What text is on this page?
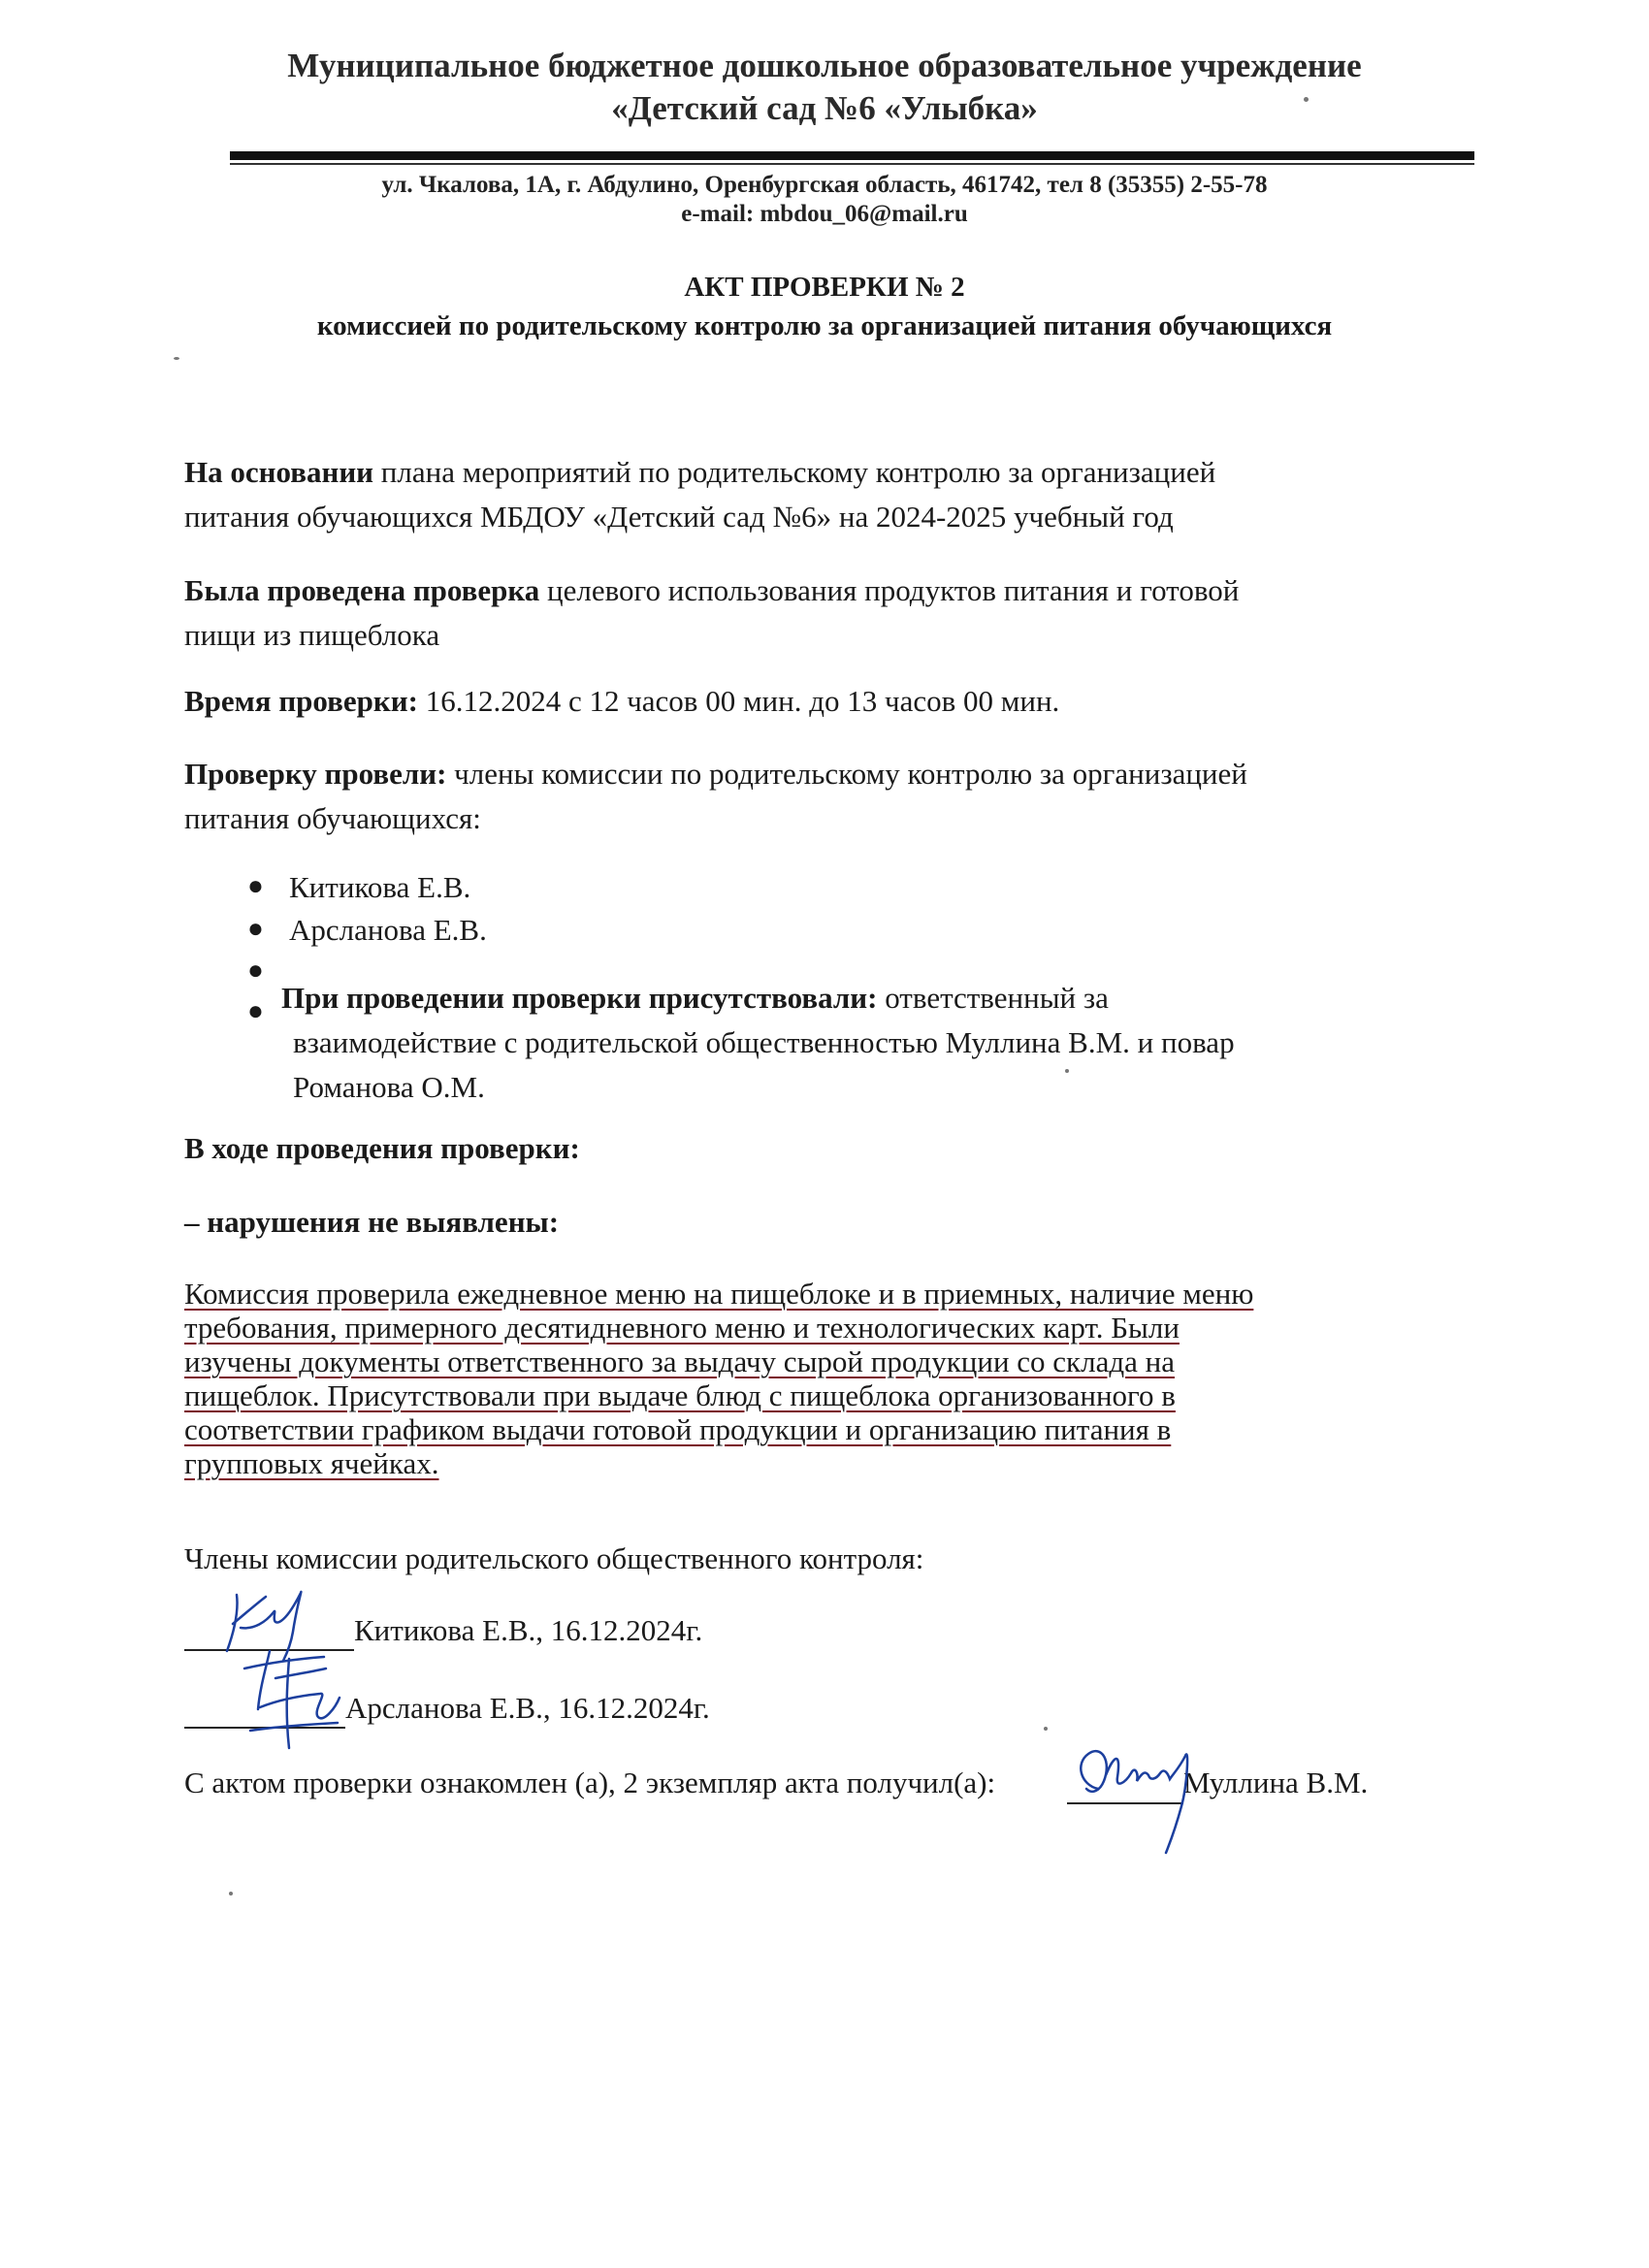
Муниципальное бюджетное дошкольное образовательное учреждение
«Детский сад №6 «Улыбка»
ул. Чкалова, 1А, г. Абдулино, Оренбургская область, 461742, тел 8 (35355) 2-55-78
e-mail: mbdou_06@mail.ru
АКТ ПРОВЕРКИ № 2
комиссией по родительскому контролю за организацией питания обучающихся
На основании плана мероприятий по родительскому контролю за организацией
питания обучающихся МБДОУ «Детский сад №6» на 2024-2025 учебный год
Была проведена проверка целевого использования продуктов питания и готовой
пищи из пищеблока
Время проверки: 16.12.2024 с 12 часов 00 мин. до 13 часов 00 мин.
Проверку провели: члены комиссии по родительскому контролю за организацией
питания обучающихся:
● Китикова Е.В.
● Арсланова Е.В.
●
● При проведении проверки присутствовали: ответственный за
взаимодействие с родительской общественностью Муллина В.М. и повар
Романова О.М.
В ходе проведения проверки:
– нарушения не выявлены:
Комиссия проверила ежедневное меню на пищеблоке и в приемных, наличие меню
требования, примерного десятидневного меню и технологических карт. Были
изучены документы ответственного за выдачу сырой продукции со склада на
пищеблок. Присутствовали при выдаче блюд с пищеблока организованного в
соответствии графиком выдачи готовой продукции и организацию питания в
групповых ячейках.
Члены комиссии родительского общественного контроля:
Китикова Е.В., 16.12.2024г.
Арсланова Е.В., 16.12.2024г.
С актом проверки ознакомлен (а), 2 экземпляр акта получил(а):	Муллина В.М.
